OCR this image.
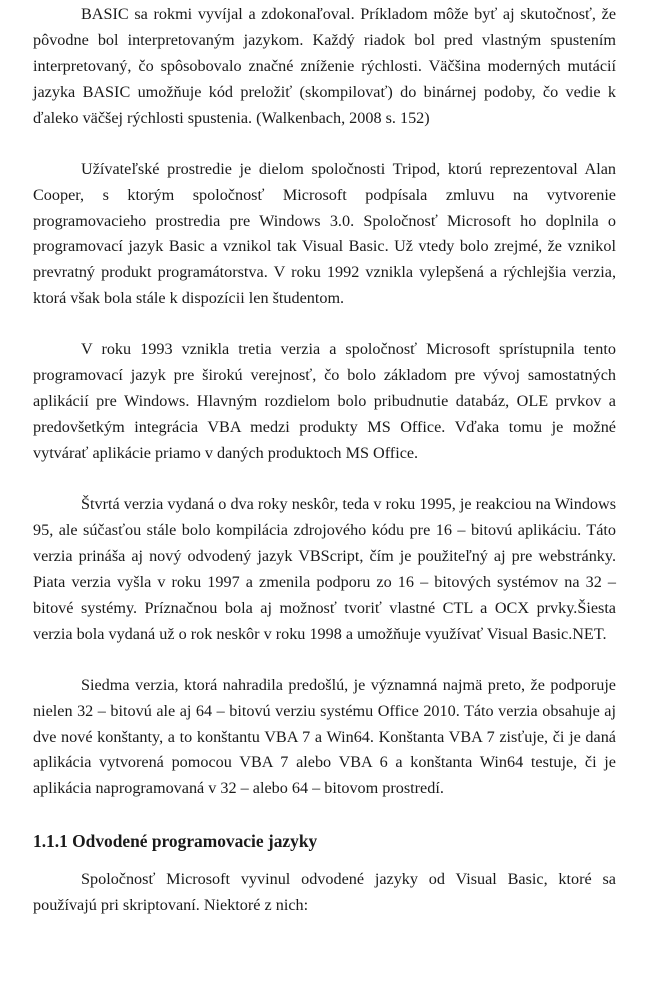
BASIC sa rokmi vyvíjal a zdokonaľoval. Príkladom môže byť aj skutočnosť, že pôvodne bol interpretovaným jazykom. Každý riadok bol pred vlastným spustením interpretovaný, čo spôsobovalo značné zníženie rýchlosti. Väčšina moderných mutácií jazyka BASIC umožňuje kód preložiť (skompilovať) do binárnej podoby, čo vedie k ďaleko väčšej rýchlosti spustenia. (Walkenbach, 2008 s. 152)

Užívateľské prostredie je dielom spoločnosti Tripod, ktorú reprezentoval Alan Cooper, s ktorým spoločnosť Microsoft podpísala zmluvu na vytvorenie programovacieho prostredia pre Windows 3.0. Spoločnosť Microsoft ho doplnila o programovací jazyk Basic a vznikol tak Visual Basic. Už vtedy bolo zrejmé, že vznikol prevratný produkt programátorstva. V roku 1992 vznikla vylepšená a rýchlejšia verzia, ktorá však bola stále k dispozícii len študentom.

V roku 1993 vznikla tretia verzia a spoločnosť Microsoft sprístupnila tento programovací jazyk pre širokú verejnosť, čo bolo základom pre vývoj samostatných aplikácií pre Windows. Hlavným rozdielom bolo pribudnutie databáz, OLE prvkov a predovšetkým integrácia VBA medzi produkty MS Office. Vďaka tomu je možné vytvárať aplikácie priamo v daných produktoch MS Office.

Štvrtá verzia vydaná o dva roky neskôr, teda v roku 1995, je reakciou na Windows 95, ale súčasťou stále bolo kompilácia zdrojového kódu pre 16 – bitovú aplikáciu. Táto verzia prináša aj nový odvodený jazyk VBScript, čím je použiteľný aj pre webstránky. Piata verzia vyšla v roku 1997 a zmenila podporu zo 16 – bitových systémov na 32 – bitové systémy. Príznačnou bola aj možnosť tvoriť vlastné CTL a OCX prvky.Šiesta verzia bola vydaná už o rok neskôr v roku 1998 a umožňuje využívať Visual Basic.NET.

Siedma verzia, ktorá nahradila predošlú, je významná najmä preto, že podporuje nielen 32 – bitovú ale aj 64 – bitovú verziu systému Office 2010. Táto verzia obsahuje aj dve nové konštanty, a to konštantu VBA 7 a Win64. Konštanta VBA 7 zisťuje, či je daná aplikácia vytvorená pomocou VBA 7 alebo VBA 6 a konštanta Win64 testuje, či je aplikácia naprogramovaná v 32 – alebo 64 – bitovom prostredí.

1.1.1 Odvodené programovacie jazyky

Spoločnosť Microsoft vyvinul odvodené jazyky od Visual Basic, ktoré sa používajú pri skriptovaní. Niektoré z nich:
